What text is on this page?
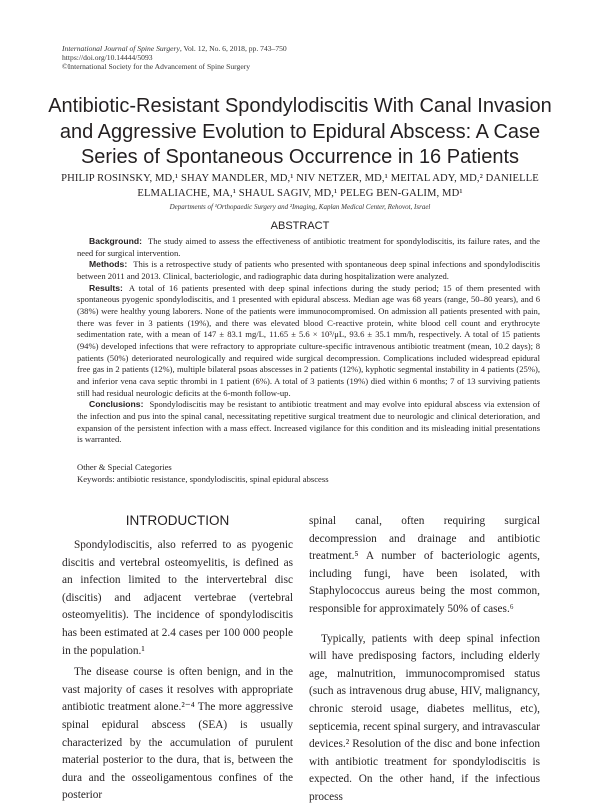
International Journal of Spine Surgery, Vol. 12, No. 6, 2018, pp. 743–750
https://doi.org/10.14444/5093
©International Society for the Advancement of Spine Surgery
Antibiotic-Resistant Spondylodiscitis With Canal Invasion and Aggressive Evolution to Epidural Abscess: A Case Series of Spontaneous Occurrence in 16 Patients
PHILIP ROSINSKY, MD,¹ SHAY MANDLER, MD,¹ NIV NETZER, MD,¹ MEITAL ADY, MD,² DANIELLE ELMALIACHE, MA,¹ SHAUL SAGIV, MD,¹ PELEG BEN-GALIM, MD¹
Departments of ¹Orthopaedic Surgery and ²Imaging, Kaplan Medical Center, Rehovot, Israel
ABSTRACT

Background: The study aimed to assess the effectiveness of antibiotic treatment for spondylodiscitis, its failure rates, and the need for surgical intervention.

Methods: This is a retrospective study of patients who presented with spontaneous deep spinal infections and spondylodiscitis between 2011 and 2013. Clinical, bacteriologic, and radiographic data during hospitalization were analyzed.

Results: A total of 16 patients presented with deep spinal infections during the study period; 15 of them presented with spontaneous pyogenic spondylodiscitis, and 1 presented with epidural abscess. Median age was 68 years (range, 50–80 years), and 6 (38%) were healthy young laborers. None of the patients were immunocompromised. On admission all patients presented with pain, there was fever in 3 patients (19%), and there was elevated blood C-reactive protein, white blood cell count and erythrocyte sedimentation rate, with a mean of 147 ± 83.1 mg/L, 11.65 ± 5.6 × 10³/μL, 93.6 ± 35.1 mm/h, respectively. A total of 15 patients (94%) developed infections that were refractory to appropriate culture-specific intravenous antibiotic treatment (mean, 10.2 days); 8 patients (50%) deteriorated neurologically and required wide surgical decompression. Complications included widespread epidural free gas in 2 patients (12%), multiple bilateral psoas abscesses in 2 patients (12%), kyphotic segmental instability in 4 patients (25%), and inferior vena cava septic thrombi in 1 patient (6%). A total of 3 patients (19%) died within 6 months; 7 of 13 surviving patients still had residual neurologic deficits at the 6-month follow-up.

Conclusions: Spondylodiscitis may be resistant to antibiotic treatment and may evolve into epidural abscess via extension of the infection and pus into the spinal canal, necessitating repetitive surgical treatment due to neurologic and clinical deterioration, and expansion of the persistent infection with a mass effect. Increased vigilance for this condition and its misleading initial presentations is warranted.

Other & Special Categories
Keywords: antibiotic resistance, spondylodiscitis, spinal epidural abscess
INTRODUCTION

Spondylodiscitis, also referred to as pyogenic discitis and vertebral osteomyelitis, is defined as an infection limited to the intervertebral disc (discitis) and adjacent vertebrae (vertebral osteomyelitis). The incidence of spondylodiscitis has been estimated at 2.4 cases per 100 000 people in the population.¹

The disease course is often benign, and in the vast majority of cases it resolves with appropriate antibiotic treatment alone.²⁻⁴ The more aggressive spinal epidural abscess (SEA) is usually characterized by the accumulation of purulent material posterior to the dura, that is, between the dura and the osseoligamentous confines of the posterior

spinal canal, often requiring surgical decompression and drainage and antibiotic treatment.⁵ A number of bacteriologic agents, including fungi, have been isolated, with Staphylococcus aureus being the most common, responsible for approximately 50% of cases.⁶

Typically, patients with deep spinal infection will have predisposing factors, including elderly age, malnutrition, immunocompromised status (such as intravenous drug abuse, HIV, malignancy, chronic steroid usage, diabetes mellitus, etc), septicemia, recent spinal surgery, and intravascular devices.² Resolution of the disc and bone infection with antibiotic treatment for spondylodiscitis is expected. On the other hand, if the infectious process
